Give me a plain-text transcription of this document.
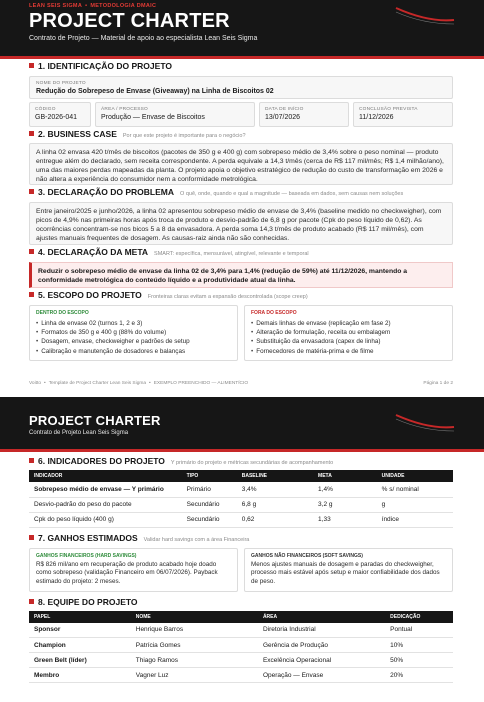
LEAN SEIS SIGMA • METODOLOGIA DMAIC
PROJECT CHARTER
Contrato de Projeto — Material de apoio ao especialista Lean Seis Sigma
1. IDENTIFICAÇÃO DO PROJETO
NOME DO PROJETO
Redução do Sobrepeso de Envase (Giveaway) na Linha de Biscoitos 02
CÓDIGO
GB-2026-041
ÁREA / PROCESSO
Produção — Envase de Biscoitos
DATA DE INÍCIO
13/07/2026
CONCLUSÃO PREVISTA
11/12/2026
2. BUSINESS CASE Por que este projeto é importante para o negócio?
A linha 02 envasa 420 t/mês de biscoitos (pacotes de 350 g e 400 g) com sobrepeso médio de 3,4% sobre o peso nominal — produto entregue além do declarado, sem receita correspondente. A perda equivale a 14,3 t/mês (cerca de R$ 117 mil/mês; R$ 1,4 milhão/ano), uma das maiores perdas mapeadas da planta. O projeto apoia o objetivo estratégico de redução do custo de transformação em 2026 e não altera a experiência do consumidor nem a conformidade metrológica.
3. DECLARAÇÃO DO PROBLEMA O quê, onde, quando e qual a magnitude — baseada em dados, sem causas nem soluções
Entre janeiro/2025 e junho/2026, a linha 02 apresentou sobrepeso médio de envase de 3,4% (baseline medido no checkweigher), com picos de 4,9% nas primeiras horas após troca de produto e desvio-padrão de 6,8 g por pacote (Cpk do peso líquido de 0,62). As ocorrências concentram-se nos bicos 5 a 8 da envasadora. A perda soma 14,3 t/mês de produto acabado (R$ 117 mil/mês), com ajustes manuais frequentes de dosagem. As causas-raiz ainda não são conhecidas.
4. DECLARAÇÃO DA META SMART: específica, mensurável, atingível, relevante e temporal
Reduzir o sobrepeso médio de envase da linha 02 de 3,4% para 1,4% (redução de 59%) até 11/12/2026, mantendo a conformidade metrológica do conteúdo líquido e a produtividade atual da linha.
5. ESCOPO DO PROJETO Fronteiras claras evitam a expansão descontrolada (scope creep)
DENTRO DO ESCOPO
• Linha de envase 02 (turnos 1, 2 e 3)
• Formatos de 350 g e 400 g (88% do volume)
• Dosagem, envase, checkweigher e padrões de setup
• Calibração e manutenção de dosadores e balanças
FORA DO ESCOPO
• Demais linhas de envase (replicação em fase 2)
• Alteração de formulação, receita ou embalagem
• Substituição da envasadora (capex de linha)
• Fornecedores de matéria-prima e de filme
Voitto • Template de Project Charter Lean Seis Sigma • EXEMPLO PREENCHIDO — ALIMENTÍCIO	Página 1 de 2
PROJECT CHARTER
Contrato de Projeto Lean Seis Sigma
6. INDICADORES DO PROJETO Y primário do projeto e métricas secundárias de acompanhamento
INDICADOR	TIPO	BASELINE	META	UNIDADE
Sobrepeso médio de envase — Y primário	Primário	3,4%	1,4%	% s/ nominal
Desvio-padrão do peso do pacote	Secundário	6,8 g	3,2 g	g
Cpk do peso líquido (400 g)	Secundário	0,62	1,33	índice
7. GANHOS ESTIMADOS Validar hard savings com a área Financeira
GANHOS FINANCEIROS (HARD SAVINGS)
R$ 826 mil/ano em recuperação de produto acabado hoje doado como sobrepeso (validação Financeiro em 06/07/2026). Payback estimado do projeto: 2 meses.
GANHOS NÃO FINANCEIROS (SOFT SAVINGS)
Menos ajustes manuais de dosagem e paradas do checkweigher, processo mais estável após setup e maior confiabilidade dos dados de peso.
8. EQUIPE DO PROJETO
PAPEL	NOME	ÁREA	DEDICAÇÃO
Sponsor	Henrique Barros	Diretoria Industrial	Pontual
Champion	Patrícia Gomes	Gerência de Produção	10%
Green Belt (líder)	Thiago Ramos	Excelência Operacional	50%
Membro	Vagner Luz	Operação — Envase	20%
